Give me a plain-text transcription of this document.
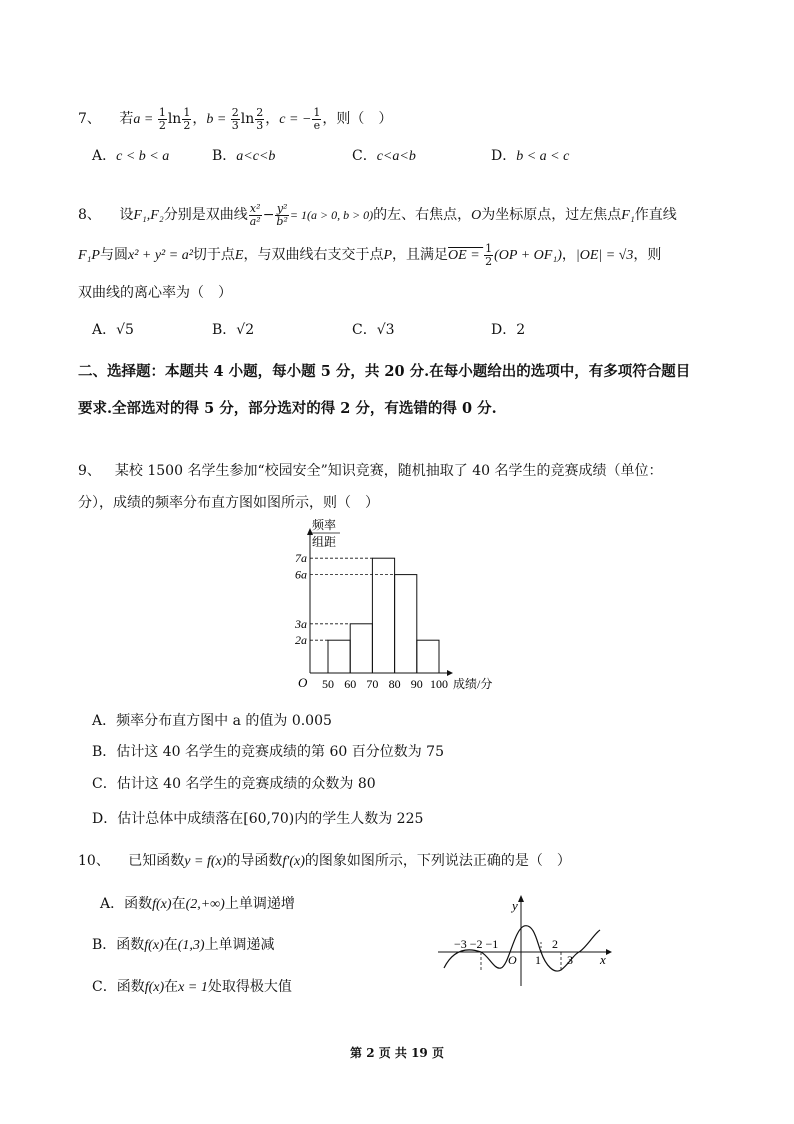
7、 若$a = \frac{1}{2}$ $\ln \frac{1}{2}$ ，$b = \frac{2}{3}$ $\ln \frac{2}{3}$ ，c = − $\frac{1}{e}$ ，则（　）
A．c < b < a	B．a<c<b	C．c<a<b	D．b < a < c
8、 设F₁,F₂分别是双曲线 $\frac{\text{x²}}{\text{a²}} - \frac{\text{y²}}{\text{b²}} = 1(a > 0$, b > 0)的左、右焦点，O为坐标原点，过左焦点F₁作直线
F₁P与圆x² + y² = a²切于点E，与双曲线右支交于点P，且满足OE = $\frac{1}{2} (OP + OF_1)$，|OE| = √3，则
双曲线的离心率为（　）
A．√5	B．√2	C．√3	D．2
二、选择题：本题共 4 小题，每小题 5 分，共 20 分.在每小题给出的选项中，有多项符合题目
要求.全部选对的得 5 分，部分选对的得 2 分，有选错的得 0 分.
9、 某校 1500 名学生参加“校园安全”知识竞赛，随机抽取了 40 名学生的竞赛成绩（单位：
分），成绩的频率分布直方图如图所示，则（　）
2a
3a
6a
7a
50 60 70 80 90 100
O	成绩/分
频率
组距
A．频率分布直方图中 a 的值为 0.005
B．估计这 40 名学生的竞赛成绩的第 60 百分位数为 75
C．估计这 40 名学生的竞赛成绩的众数为 80
D．估计总体中成绩落在[60,70)内的学生人数为 225
10、 已知函数y = f(x)的导函数f′(x)的图象如图所示，下列说法正确的是（　）
A．函数f(x)在(2,+∞)上单调递增
B．函数f(x)在(1,3)上单调递减
C．函数f(x)在x = 1处取得极大值
y
x
O
−3 −2 −1
1
2
3
第 2 页 共 19 页
